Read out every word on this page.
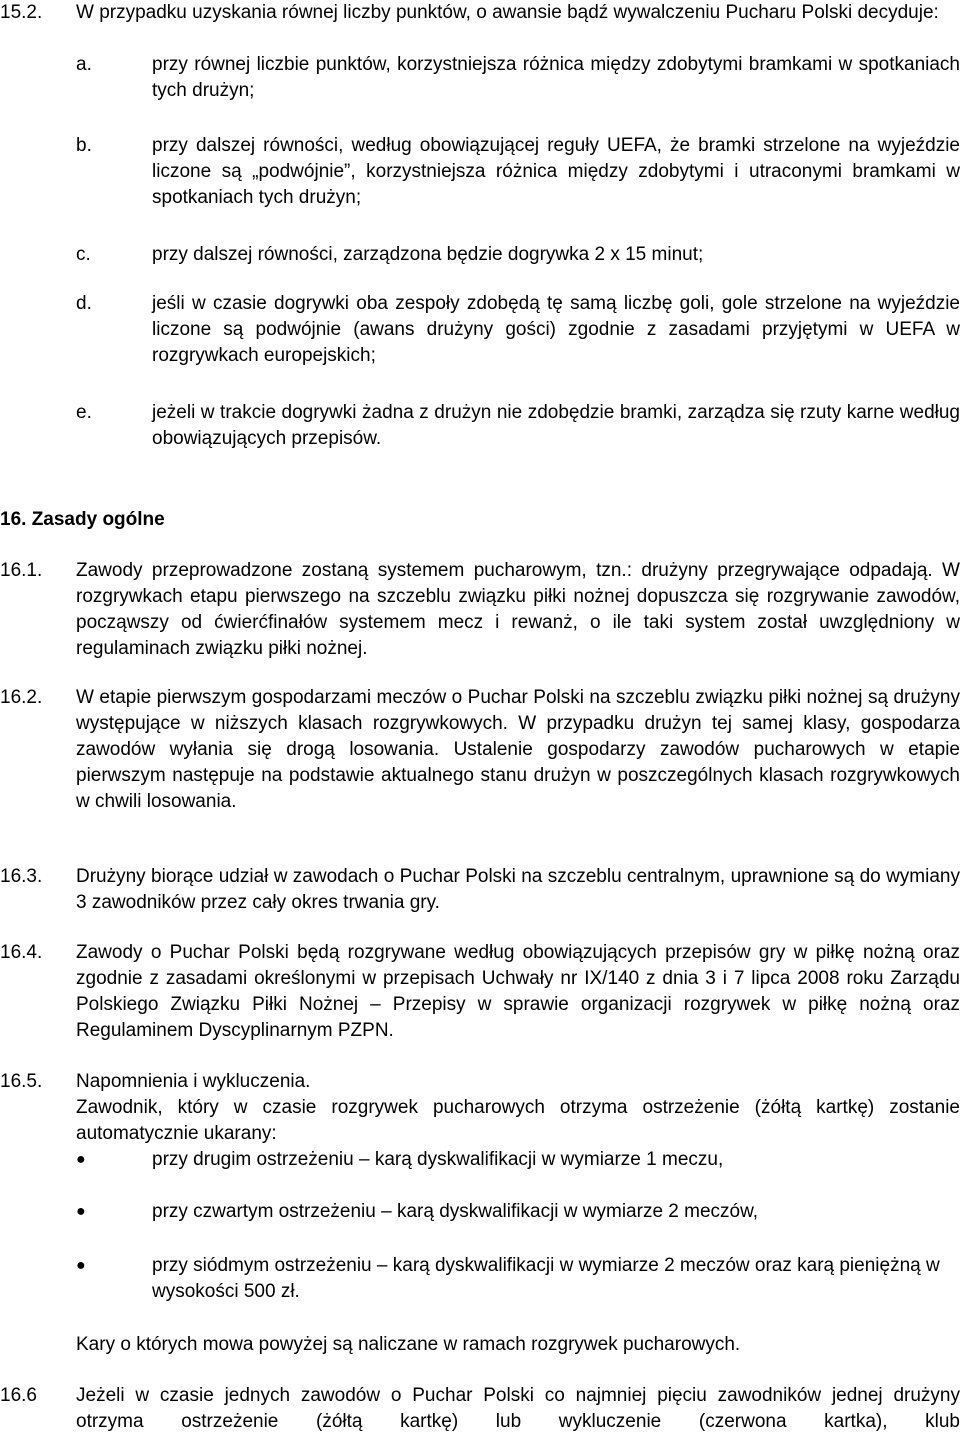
15.2.	W przypadku uzyskania równej liczby punktów, o awansie bądź wywalczeniu Pucharu Polski decyduje:
a.	przy równej liczbie punktów, korzystniejsza różnica między zdobytymi bramkami w spotkaniach tych drużyn;
b.	przy dalszej równości, według obowiązującej reguły UEFA, że bramki strzelone na wyjeździe liczone są „podwójnie”, korzystniejsza różnica między zdobytymi i utraconymi bramkami w spotkaniach tych drużyn;
c.	przy dalszej równości, zarządzona będzie dogrywka 2 x 15 minut;
d.	jeśli w czasie dogrywki oba zespoły zdobędą tę samą liczbę goli, gole strzelone na wyjeździe liczone są podwójnie (awans drużyny gości) zgodnie z zasadami przyjętymi w UEFA w rozgrywkach europejskich;
e.	jeżeli w trakcie dogrywki żadna z drużyn nie zdobędzie bramki, zarządza się rzuty karne według obowiązujących przepisów.
16. Zasady ogólne
16.1.	Zawody przeprowadzone zostaną systemem pucharowym, tzn.: drużyny przegrywające odpadają. W rozgrywkach etapu pierwszego na szczeblu związku piłki nożnej dopuszcza się rozgrywanie zawodów, począwszy od ćwierćfinałów systemem mecz i rewanż, o ile taki system został uwzględniony w regulaminach związku piłki nożnej.
16.2.	W etapie pierwszym gospodarzami meczów o Puchar Polski na szczeblu związku piłki nożnej są drużyny występujące w niższych klasach rozgrywkowych. W przypadku drużyn tej samej klasy, gospodarza zawodów wyłania się drogą losowania. Ustalenie gospodarzy zawodów pucharowych w etapie pierwszym następuje na podstawie aktualnego stanu drużyn w poszczególnych klasach rozgrywkowych w chwili losowania.
16.3.	Drużyny biorące udział w zawodach o Puchar Polski na szczeblu centralnym, uprawnione są do wymiany 3 zawodników przez cały okres trwania gry.
16.4.	Zawody o Puchar Polski będą rozgrywane według obowiązujących przepisów gry w piłkę nożną oraz zgodnie z zasadami określonymi w przepisach Uchwały nr IX/140 z dnia 3 i 7 lipca 2008 roku Zarządu Polskiego Związku Piłki Nożnej – Przepisy w sprawie organizacji rozgrywek w piłkę nożną oraz Regulaminem Dyscyplinarnym PZPN.
16.5.	Napomnienia i wykluczenia.
Zawodnik, który w czasie rozgrywek pucharowych otrzyma ostrzeżenie (żółtą kartkę) zostanie automatycznie ukarany:
●	przy drugim ostrzeżeniu – karą dyskwalifikacji w wymiarze 1 meczu,
●	przy czwartym ostrzeżeniu – karą dyskwalifikacji w wymiarze 2 meczów,
●	przy siódmym ostrzeżeniu – karą dyskwalifikacji w wymiarze 2 meczów oraz karą pieniężną w wysokości 500 zł.
Kary o których mowa powyżej są naliczane w ramach rozgrywek pucharowych.
16.6	Jeżeli w czasie jednych zawodów o Puchar Polski co najmniej pięciu zawodników jednej drużyny otrzyma ostrzeżenie (żółtą kartkę) lub wykluczenie (czerwona kartka), klub
